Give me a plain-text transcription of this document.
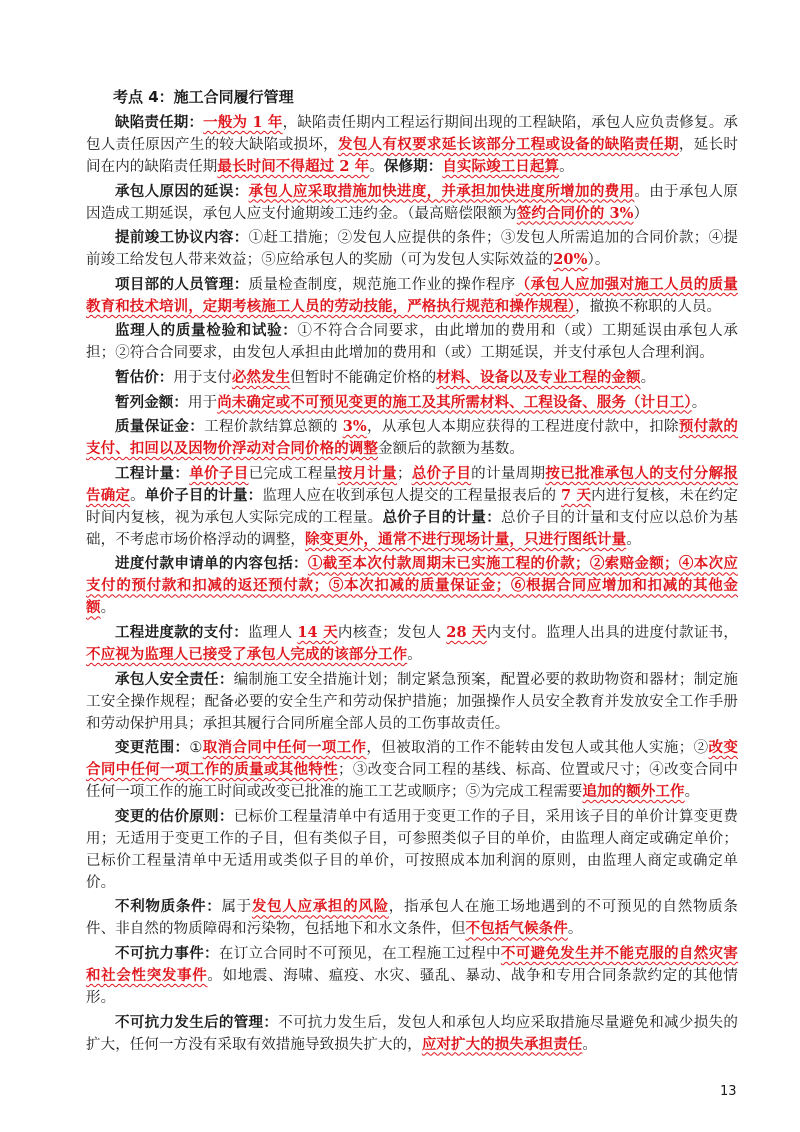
考点 4：施工合同履行管理

缺陷责任期：一般为 1 年，缺陷责任期内工程运行期间出现的工程缺陷，承包人应负责修复。承包人责任原因产生的较大缺陷或损坏，发包人有权要求延长该部分工程或设备的缺陷责任期，延长时间在内的缺陷责任期最长时间不得超过 2 年。保修期：自实际竣工日起算。

承包人原因的延误：承包人应采取措施加快进度，并承担加快进度所增加的费用。由于承包人原因造成工期延误，承包人应支付逾期竣工违约金。（最高赔偿限额为签约合同价的 3%）

提前竣工协议内容：①赶工措施；②发包人应提供的条件；③发包人所需追加的合同价款；④提前竣工给发包人带来效益；⑤应给承包人的奖励（可为发包人实际效益的20%）。

项目部的人员管理：质量检查制度，规范施工作业的操作程序（承包人应加强对施工人员的质量教育和技术培训，定期考核施工人员的劳动技能，严格执行规范和操作规程），撤换不称职的人员。

监理人的质量检验和试验：①不符合合同要求，由此增加的费用和（或）工期延误由承包人承担；②符合合同要求，由发包人承担由此增加的费用和（或）工期延误，并支付承包人合理利润。

暂估价：用于支付必然发生但暂时不能确定价格的材料、设备以及专业工程的金额。

暂列金额：用于尚未确定或不可预见变更的施工及其所需材料、工程设备、服务（计日工）。

质量保证金：工程价款结算总额的 3%，从承包人本期应获得的工程进度付款中，扣除预付款的支付、扣回以及因物价浮动对合同价格的调整金额后的款额为基数。

工程计量：单价子目已完成工程量按月计量；总价子目的计量周期按已批准承包人的支付分解报告确定。单价子目的计量：监理人应在收到承包人提交的工程量报表后的 7 天内进行复核，未在约定时间内复核，视为承包人实际完成的工程量。总价子目的计量：总价子目的计量和支付应以总价为基础，不考虑市场价格浮动的调整，除变更外，通常不进行现场计量，只进行图纸计量。

进度付款申请单的内容包括：①截至本次付款周期末已实施工程的价款；②索赔金额；④本次应支付的预付款和扣减的返还预付款；⑤本次扣减的质量保证金；⑥根据合同应增加和扣减的其他金额。

工程进度款的支付：监理人 14 天内核查；发包人 28 天内支付。监理人出具的进度付款证书，不应视为监理人已接受了承包人完成的该部分工作。

承包人安全责任：编制施工安全措施计划；制定紧急预案，配置必要的救助物资和器材；制定施工安全操作规程；配备必要的安全生产和劳动保护措施；加强操作人员安全教育并发放安全工作手册和劳动保护用具；承担其履行合同所雇全部人员的工伤事故责任。

变更范围：①取消合同中任何一项工作，但被取消的工作不能转由发包人或其他人实施；②改变合同中任何一项工作的质量或其他特性；③改变合同工程的基线、标高、位置或尺寸；④改变合同中任何一项工作的施工时间或改变已批准的施工工艺或顺序；⑤为完成工程需要追加的额外工作。

变更的估价原则：已标价工程量清单中有适用于变更工作的子目，采用该子目的单价计算变更费用；无适用于变更工作的子目，但有类似子目，可参照类似子目的单价，由监理人商定或确定单价；已标价工程量清单中无适用或类似子目的单价，可按照成本加利润的原则，由监理人商定或确定单价。

不利物质条件：属于发包人应承担的风险，指承包人在施工场地遇到的不可预见的自然物质条件、非自然的物质障碍和污染物，包括地下和水文条件，但不包括气候条件。

不可抗力事件：在订立合同时不可预见，在工程施工过程中不可避免发生并不能克服的自然灾害和社会性突发事件。如地震、海啸、瘟疫、水灾、骚乱、暴动、战争和专用合同条款约定的其他情形。

不可抗力发生后的管理：不可抗力发生后，发包人和承包人均应采取措施尽量避免和减少损失的扩大，任何一方没有采取有效措施导致损失扩大的，应对扩大的损失承担责任。

13
